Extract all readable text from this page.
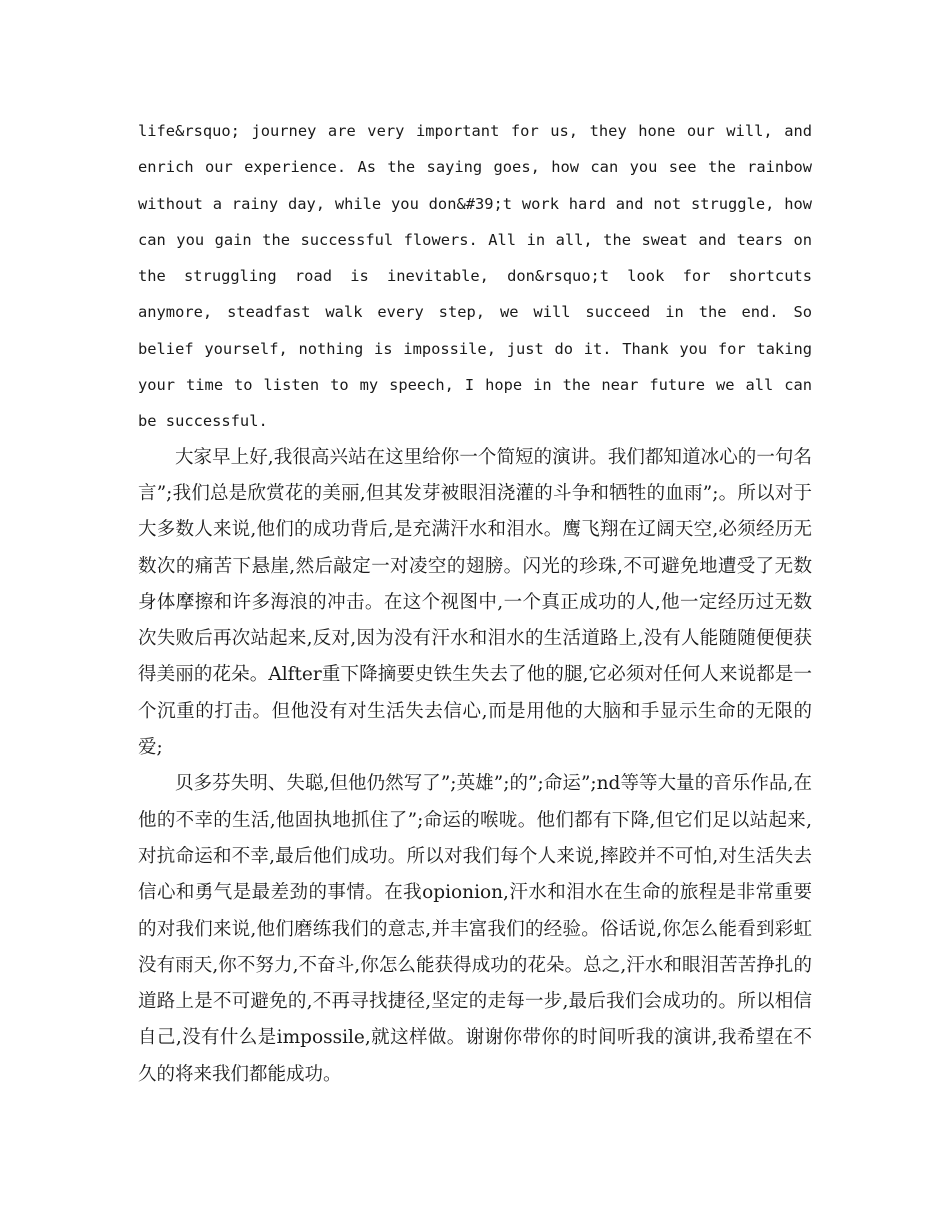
life&rsquo; journey are very important for us, they hone our will, and enrich our experience. As the saying goes, how can you see the rainbow without a rainy day, while you don&#39;t work hard and not struggle, how can you gain the successful flowers. All in all, the sweat and tears on the struggling road is inevitable, don&rsquo;t look for shortcuts anymore, steadfast walk every step, we will succeed in the end. So belief yourself, nothing is impossile, just do it. Thank you for taking your time to listen to my speech, I hope in the near future we all can be successful.

大家早上好,我很高兴站在这里给你一个简短的演讲。我们都知道冰心的一句名言”;我们总是欣赏花的美丽,但其发芽被眼泪浇灌的斗争和牺牲的血雨”;。所以对于大多数人来说,他们的成功背后,是充满汗水和泪水。鹰飞翔在辽阔天空,必须经历无数次的痛苦下悬崖,然后敲定一对凌空的翅膀。闪光的珍珠,不可避免地遭受了无数身体摩擦和许多海浪的冲击。在这个视图中,一个真正成功的人,他一定经历过无数次失败后再次站起来,反对,因为没有汗水和泪水的生活道路上,没有人能随随便便获得美丽的花朵。Alfter重下降摘要史铁生失去了他的腿,它必须对任何人来说都是一个沉重的打击。但他没有对生活失去信心,而是用他的大脑和手显示生命的无限的爱;

贝多芬失明、失聪,但他仍然写了”;英雄”;的”;命运”;nd等等大量的音乐作品,在他的不幸的生活,他固执地抓住了”;命运的喉咙。他们都有下降,但它们足以站起来,对抗命运和不幸,最后他们成功。所以对我们每个人来说,摔跤并不可怕,对生活失去信心和勇气是最差劲的事情。在我opionion,汗水和泪水在生命的旅程是非常重要的对我们来说,他们磨练我们的意志,并丰富我们的经验。俗话说,你怎么能看到彩虹没有雨天,你不努力,不奋斗,你怎么能获得成功的花朵。总之,汗水和眼泪苦苦挣扎的道路上是不可避免的,不再寻找捷径,坚定的走每一步,最后我们会成功的。所以相信自己,没有什么是impossile,就这样做。谢谢你带你的时间听我的演讲,我希望在不久的将来我们都能成功。
